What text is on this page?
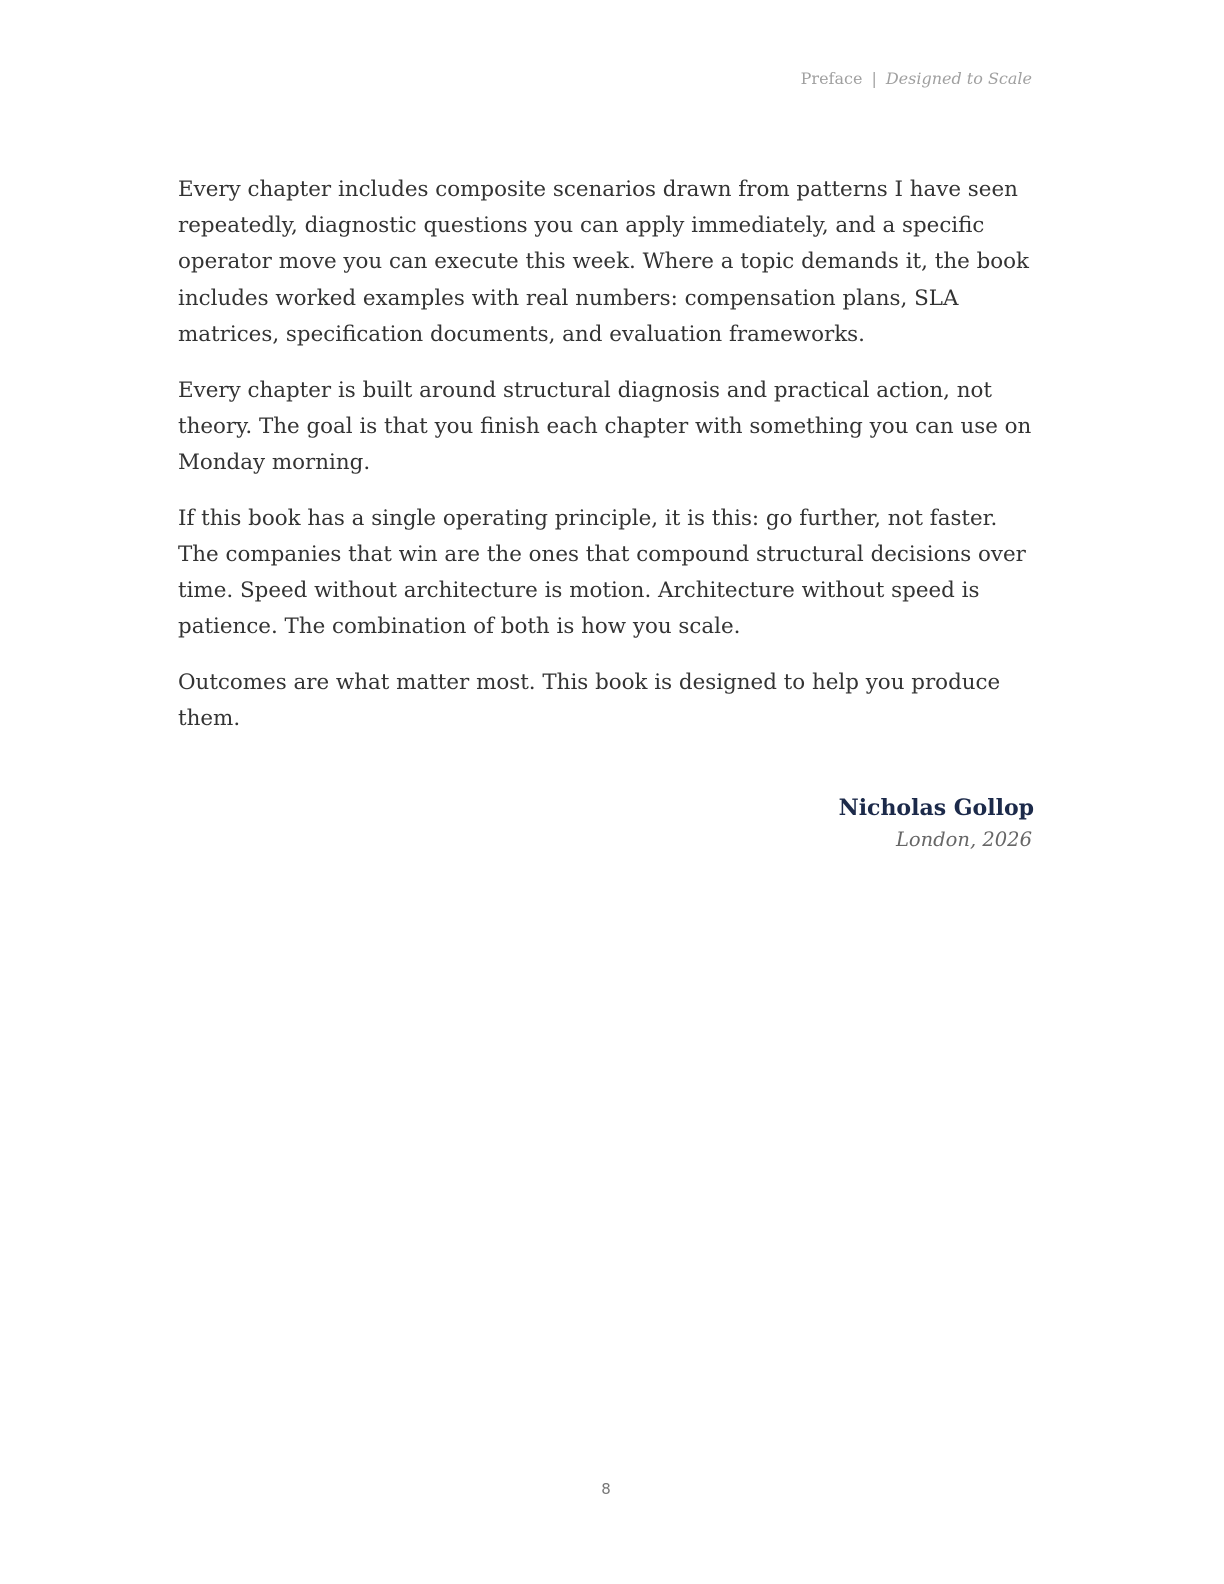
Preface | Designed to Scale

Every chapter includes composite scenarios drawn from patterns I have seen repeatedly, diagnostic questions you can apply immediately, and a specific operator move you can execute this week. Where a topic demands it, the book includes worked examples with real numbers: compensation plans, SLA matrices, specification documents, and evaluation frameworks.

Every chapter is built around structural diagnosis and practical action, not theory. The goal is that you finish each chapter with something you can use on Monday morning.

If this book has a single operating principle, it is this: go further, not faster. The companies that win are the ones that compound structural decisions over time. Speed without architecture is motion. Architecture without speed is patience. The combination of both is how you scale.

Outcomes are what matter most. This book is designed to help you produce them.

Nicholas Gollop
London, 2026
8
